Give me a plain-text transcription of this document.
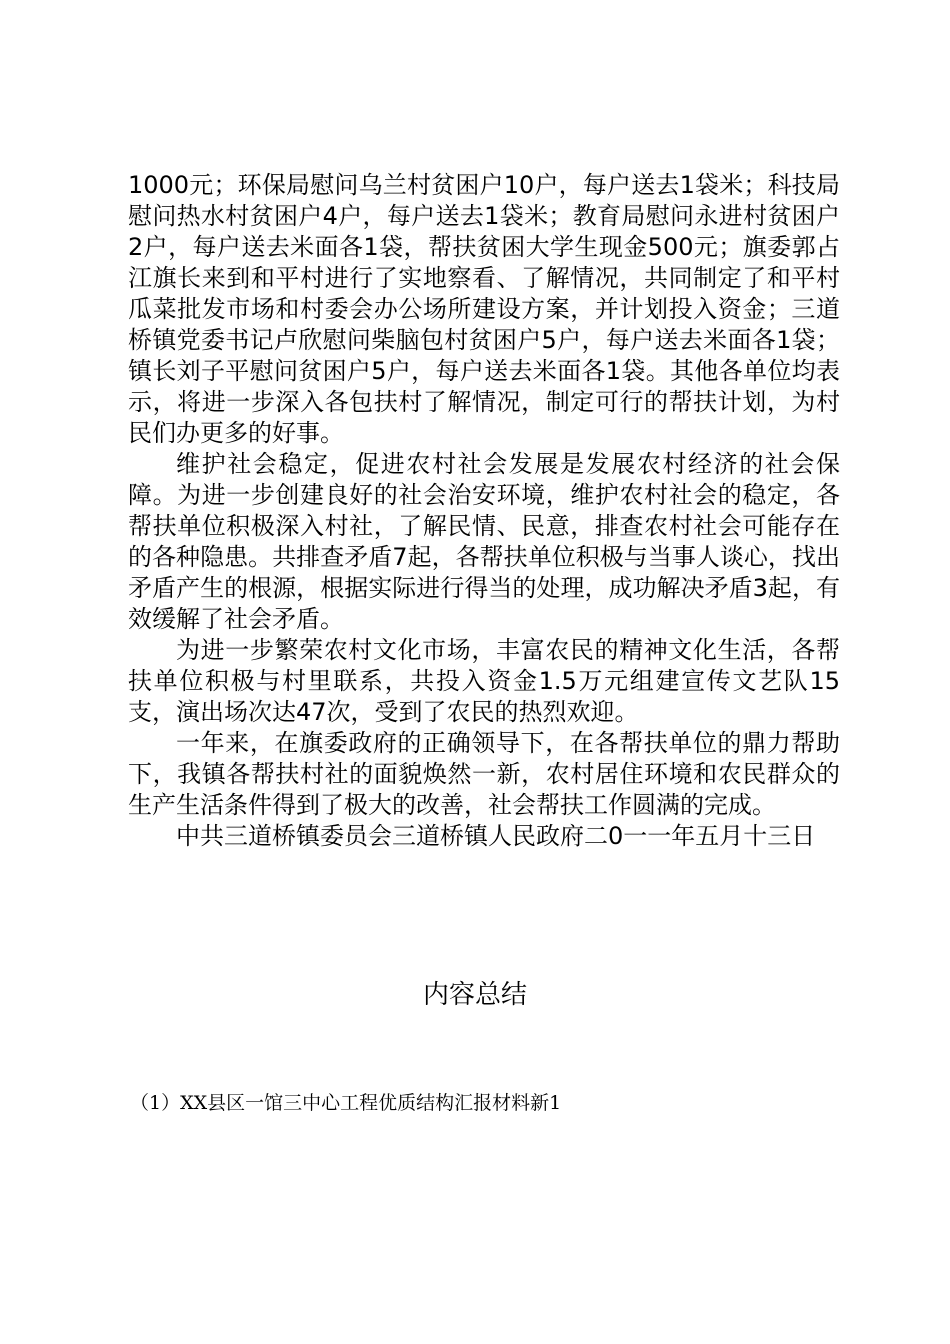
1000元；环保局慰问乌兰村贫困户10户，每户送去1袋米；科技局慰问热水村贫困户4户，每户送去1袋米；教育局慰问永进村贫困户2户，每户送去米面各1袋，帮扶贫困大学生现金500元；旗委郭占江旗长来到和平村进行了实地察看、了解情况，共同制定了和平村瓜菜批发市场和村委会办公场所建设方案，并计划投入资金；三道桥镇党委书记卢欣慰问柴脑包村贫困户5户，每户送去米面各1袋；镇长刘子平慰问贫困户5户，每户送去米面各1袋。其他各单位均表示，将进一步深入各包扶村了解情况，制定可行的帮扶计划，为村民们办更多的好事。

维护社会稳定，促进农村社会发展是发展农村经济的社会保障。为进一步创建良好的社会治安环境，维护农村社会的稳定，各帮扶单位积极深入村社，了解民情、民意，排查农村社会可能存在的各种隐患。共排查矛盾7起，各帮扶单位积极与当事人谈心，找出矛盾产生的根源，根据实际进行得当的处理，成功解决矛盾3起，有效缓解了社会矛盾。

为进一步繁荣农村文化市场，丰富农民的精神文化生活，各帮扶单位积极与村里联系，共投入资金1.5万元组建宣传文艺队15支，演出场次达47次，受到了农民的热烈欢迎。

一年来，在旗委政府的正确领导下，在各帮扶单位的鼎力帮助下，我镇各帮扶村社的面貌焕然一新，农村居住环境和农民群众的生产生活条件得到了极大的改善，社会帮扶工作圆满的完成。

中共三道桥镇委员会三道桥镇人民政府二0一一年五月十三日

内容总结
（1）XX县区一馆三中心工程优质结构汇报材料新1
